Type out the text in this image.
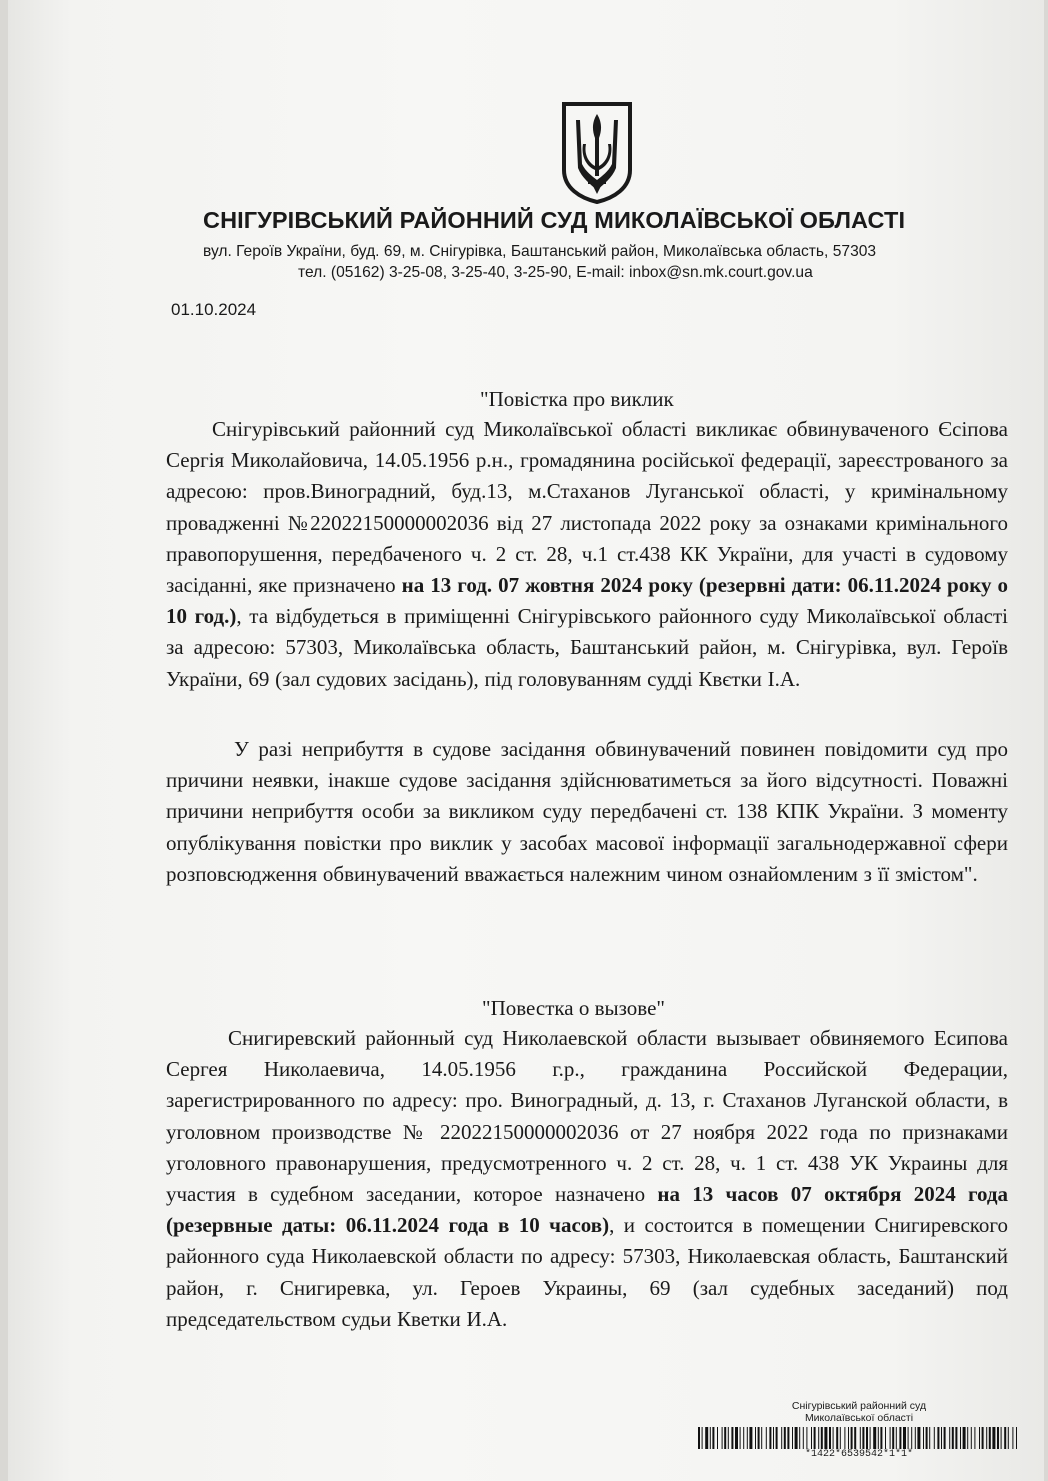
СНІГУРІВСЬКИЙ РАЙОННИЙ СУД МИКОЛАЇВСЬКОЇ ОБЛАСТІ
вул. Героїв України, буд. 69, м. Снігурівка, Баштанський район, Миколаївська область, 57303
тел. (05162) 3-25-08, 3-25-40, 3-25-90, E-mail: inbox@sn.mk.court.gov.ua
01.10.2024
"Повістка про виклик
Снігурівський районний суд Миколаївської області викликає обвинуваченого Єсіпова Сергія Миколайовича, 14.05.1956 р.н., громадянина російської федерації, зареєстрованого за адресою: пров.Виноградний, буд.13, м.Стаханов Луганської області, у кримінальному провадженні №22022150000002036 від 27 листопада 2022 року за ознаками кримінального правопорушення, передбаченого ч. 2 ст. 28, ч.1 ст.438 КК України, для участі в судовому засіданні, яке призначено на 13 год. 07 жовтня 2024 року (резервні дати: 06.11.2024 року о 10 год.), та відбудеться в приміщенні Снігурівського районного суду Миколаївської області за адресою: 57303, Миколаївська область, Баштанський район, м. Снігурівка, вул. Героїв України, 69 (зал судових засідань), під головуванням судді Квєтки І.А.
У разі неприбуття в судове засідання обвинувачений повинен повідомити суд про причини неявки, інакше судове засідання здійснюватиметься за його відсутності. Поважні причини неприбуття особи за викликом суду передбачені ст. 138 КПК України. З моменту опублікування повістки про виклик у засобах масової інформації загальнодержавної сфери розповсюдження обвинувачений вважається належним чином ознайомленим з її змістом".
"Повестка о вызове"
Снигиревский районный суд Николаевской области вызывает обвиняемого Есипова Сергея Николаевича, 14.05.1956 г.р., гражданина Российской Федерации, зарегистрированного по адресу: про. Виноградный, д. 13, г. Стаханов Луганской области, в уголовном производстве № 22022150000002036 от 27 ноября 2022 года по признаками уголовного правонарушения, предусмотренного ч. 2 ст. 28, ч. 1 ст. 438 УК Украины для участия в судебном заседании, которое назначено на 13 часов 07 октября 2024 года (резервные даты: 06.11.2024 года в 10 часов), и состоится в помещении Снигиревского районного суда Николаевской области по адресу: 57303, Николаевская область, Баштанский район, г. Снигиревка, ул. Героев Украины, 69 (зал судебных заседаний) под председательством судьи Кветки И.А.
Снігурівський районний суд
Миколаївської області
*1422*6539542*1*1*
